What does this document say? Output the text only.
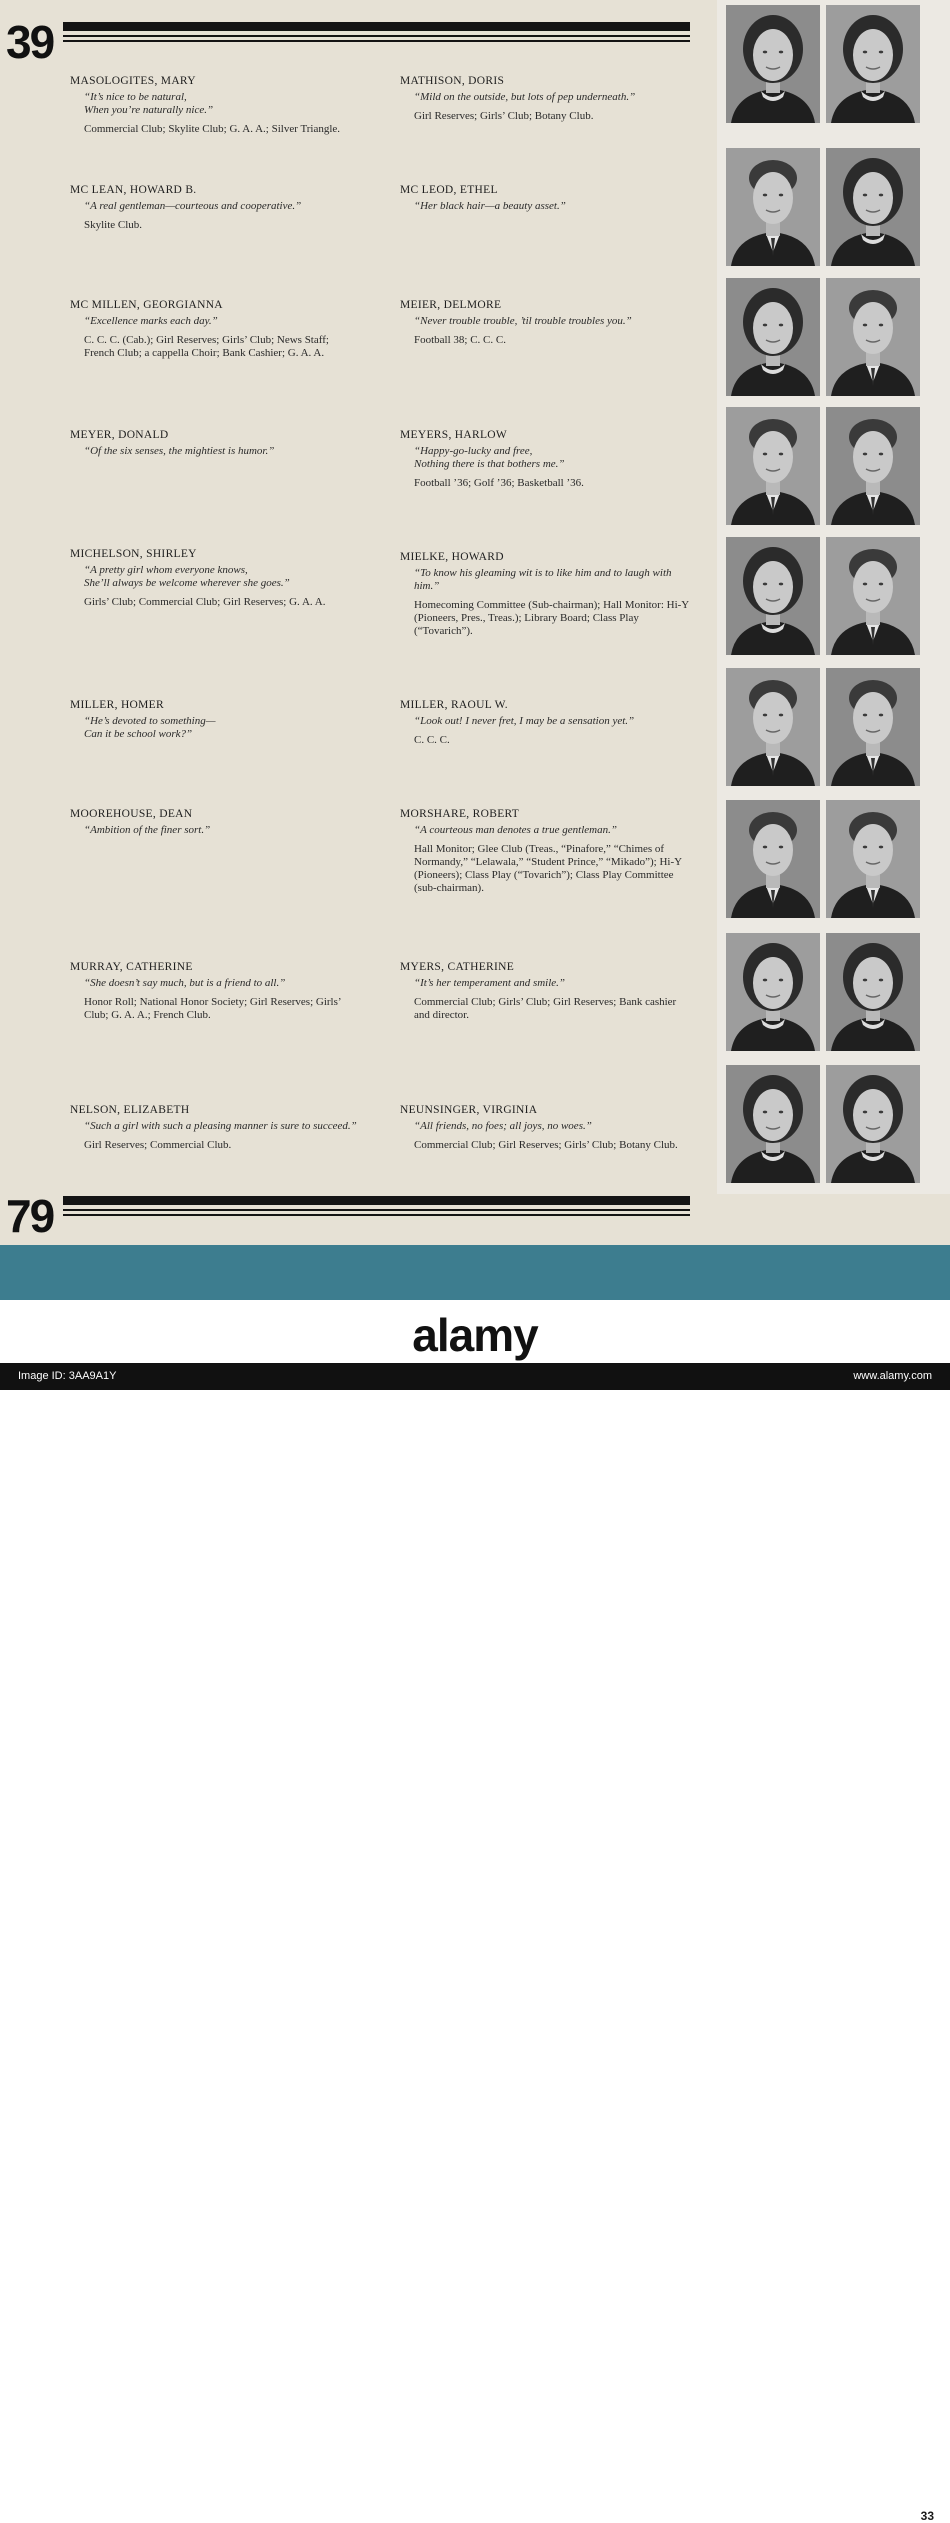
39
79
MASOLOGITES, MARY
“It’s nice to be natural,
When you’re naturally nice.”
Commercial Club; Skylite Club; G. A. A.; Silver Triangle.
MC LEAN, HOWARD B.
“A real gentleman—courteous and cooperative.”
Skylite Club.
MC MILLEN, GEORGIANNA
“Excellence marks each day.”
C. C. C. (Cab.); Girl Reserves; Girls’ Club; News Staff; French Club; a cappella Choir; Bank Cashier; G. A. A.
MEYER, DONALD
“Of the six senses, the mightiest is humor.”
MICHELSON, SHIRLEY
“A pretty girl whom everyone knows,
She’ll always be welcome wherever she goes.”
Girls’ Club; Commercial Club; Girl Reserves; G. A. A.
MILLER, HOMER
“He’s devoted to something—
Can it be school work?”
MOOREHOUSE, DEAN
“Ambition of the finer sort.”
MURRAY, CATHERINE
“She doesn’t say much, but is a friend to all.”
Honor Roll; National Honor Society; Girl Reserves; Girls’ Club; G. A. A.; French Club.
NELSON, ELIZABETH
“Such a girl with such a pleasing manner is sure to succeed.”
Girl Reserves; Commercial Club.
MATHISON, DORIS
“Mild on the outside, but lots of pep underneath.”
Girl Reserves; Girls’ Club; Botany Club.
MC LEOD, ETHEL
“Her black hair—a beauty asset.”
MEIER, DELMORE
“Never trouble trouble, ’til trouble troubles you.”
Football 38; C. C. C.
MEYERS, HARLOW
“Happy-go-lucky and free,
Nothing there is that bothers me.”
Football ’36; Golf ’36; Basketball ’36.
MIELKE, HOWARD
“To know his gleaming wit is to like him and to laugh with him.”
Homecoming Committee (Sub-chairman); Hall Monitor: Hi-Y (Pioneers, Pres., Treas.); Library Board; Class Play (“Tovarich”).
MILLER, RAOUL W.
“Look out! I never fret, I may be a sensation yet.”
C. C. C.
MORSHARE, ROBERT
“A courteous man denotes a true gentleman.”
Hall Monitor; Glee Club (Treas., “Pinafore,” “Chimes of Normandy,” “Lelawala,” “Student Prince,” “Mikado”); Hi-Y (Pioneers); Class Play (“Tovarich”); Class Play Committee (sub-chairman).
MYERS, CATHERINE
“It’s her temperament and smile.”
Commercial Club; Girls’ Club; Girl Reserves; Bank cashier and director.
NEUNSINGER, VIRGINIA
“All friends, no foes; all joys, no woes.”
Commercial Club; Girl Reserves; Girls’ Club; Botany Club.
33
alamy
Image ID: 3AA9A1Y	www.alamy.com
